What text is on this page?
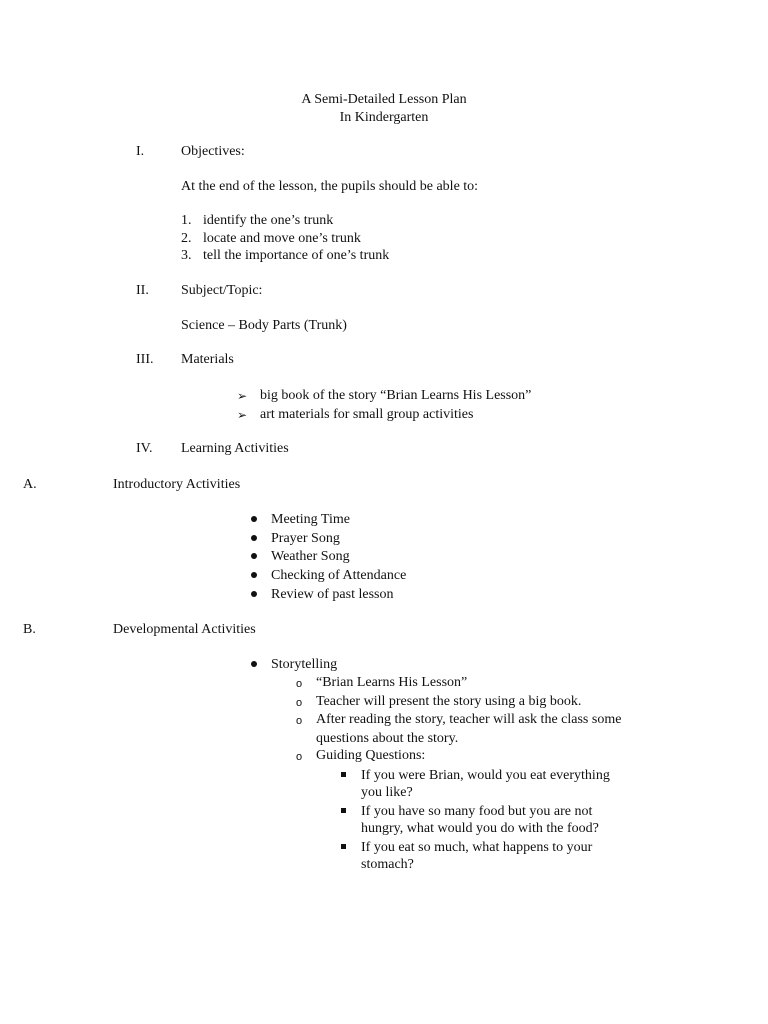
A Semi-Detailed Lesson Plan
In Kindergarten
I.	Objectives:
At the end of the lesson, the pupils should be able to:
1. identify the one’s trunk
2. locate and move one’s trunk
3. tell the importance of one’s trunk
II. Subject/Topic:
Science – Body Parts (Trunk)
III. Materials
➢ big book of the story “Brian Learns His Lesson”
➢ art materials for small group activities
IV. Learning Activities
A.	Introductory Activities
Meeting Time
Prayer Song
Weather Song
Checking of Attendance
Review of past lesson
B.	Developmental Activities
Storytelling
o “Brian Learns His Lesson”
o Teacher will present the story using a big book.
o After reading the story, teacher will ask the class some
questions about the story.
o Guiding Questions:
If you were Brian, would you eat everything
you like?
If you have so many food but you are not
hungry, what would you do with the food?
If you eat so much, what happens to your
stomach?
